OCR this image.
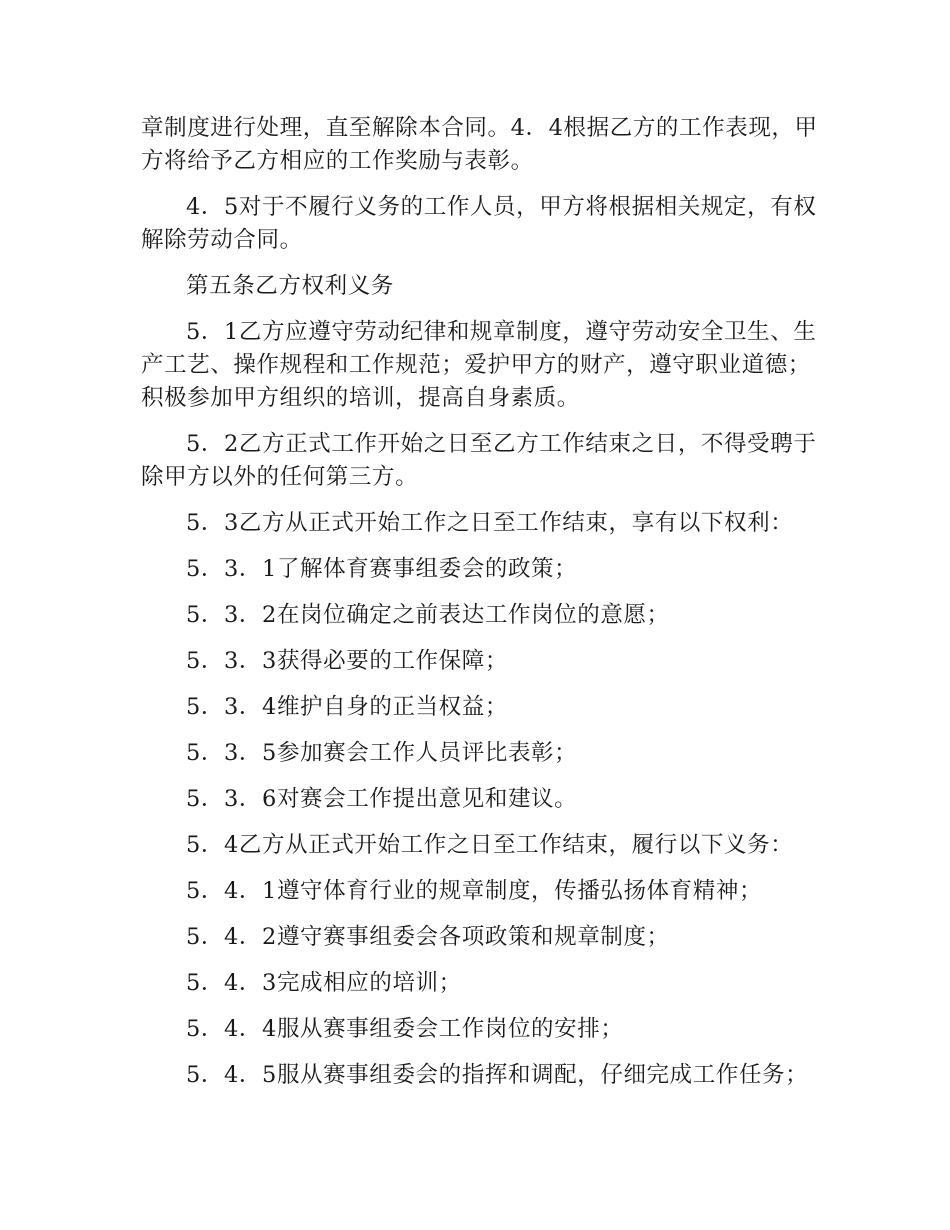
章制度进行处理，直至解除本合同。4．4根据乙方的工作表现，甲方将给予乙方相应的工作奖励与表彰。

4．5对于不履行义务的工作人员，甲方将根据相关规定，有权解除劳动合同。

第五条乙方权利义务

5．1乙方应遵守劳动纪律和规章制度，遵守劳动安全卫生、生产工艺、操作规程和工作规范；爱护甲方的财产，遵守职业道德；积极参加甲方组织的培训，提高自身素质。

5．2乙方正式工作开始之日至乙方工作结束之日，不得受聘于除甲方以外的任何第三方。

5．3乙方从正式开始工作之日至工作结束，享有以下权利：

5．3．1了解体育赛事组委会的政策；

5．3．2在岗位确定之前表达工作岗位的意愿；

5．3．3获得必要的工作保障；

5．3．4维护自身的正当权益；

5．3．5参加赛会工作人员评比表彰；

5．3．6对赛会工作提出意见和建议。

5．4乙方从正式开始工作之日至工作结束，履行以下义务：

5．4．1遵守体育行业的规章制度，传播弘扬体育精神；

5．4．2遵守赛事组委会各项政策和规章制度；

5．4．3完成相应的培训；

5．4．4服从赛事组委会工作岗位的安排；

5．4．5服从赛事组委会的指挥和调配，仔细完成工作任务；
